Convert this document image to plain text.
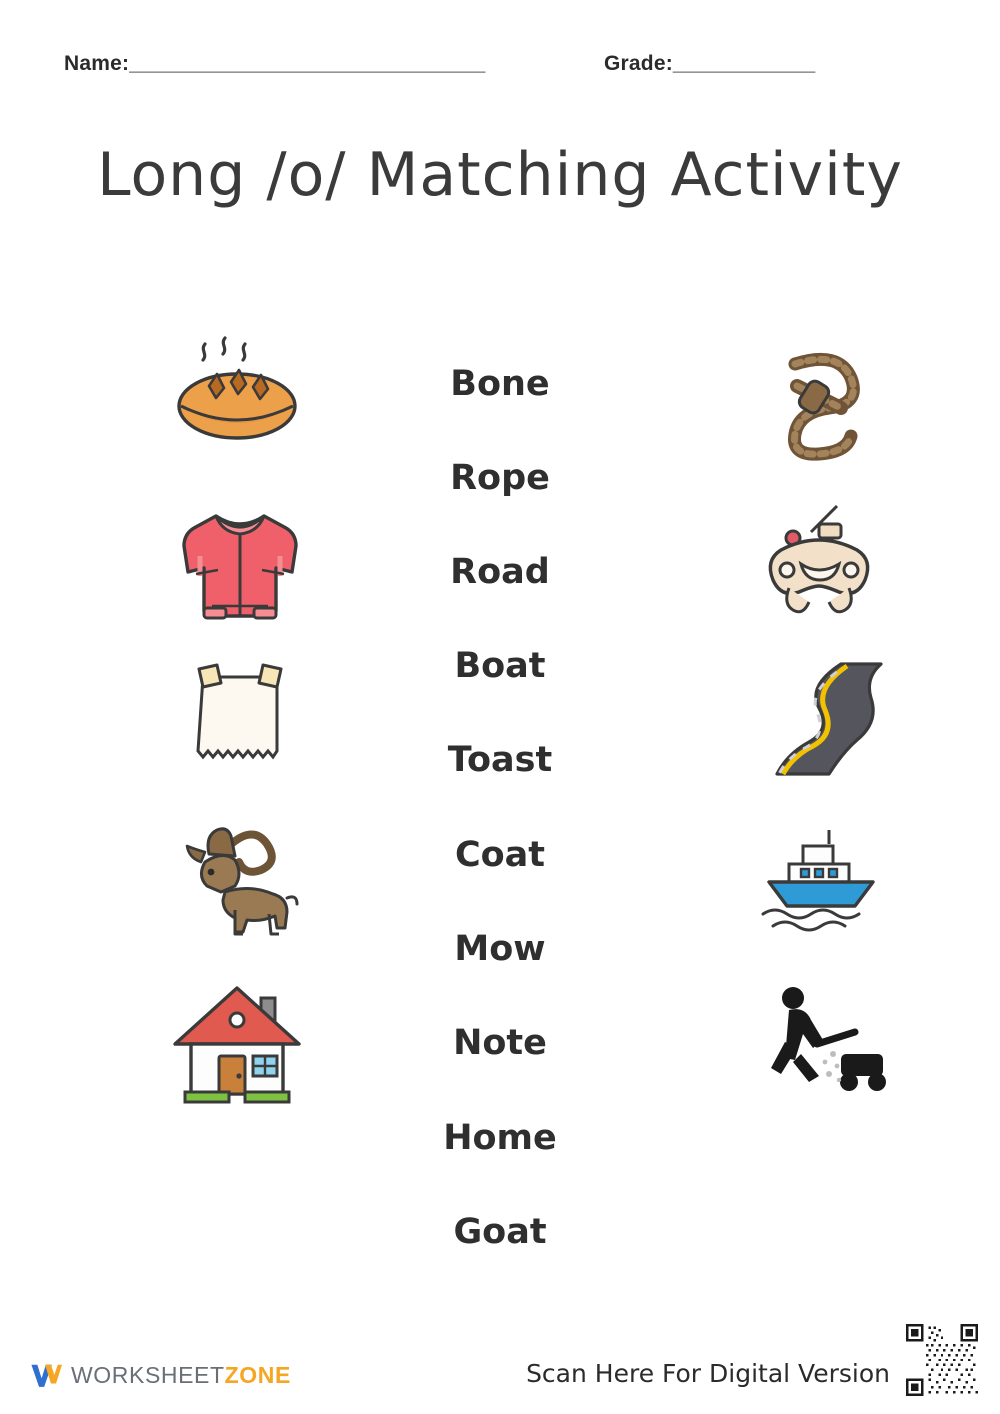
Name:______________________________	Grade:____________
Long /o/ Matching Activity
Bone
Rope
Road
Boat
Toast
Coat
Mow
Note
Home
Goat
WORKSHEETZONE	Scan Here For Digital Version
